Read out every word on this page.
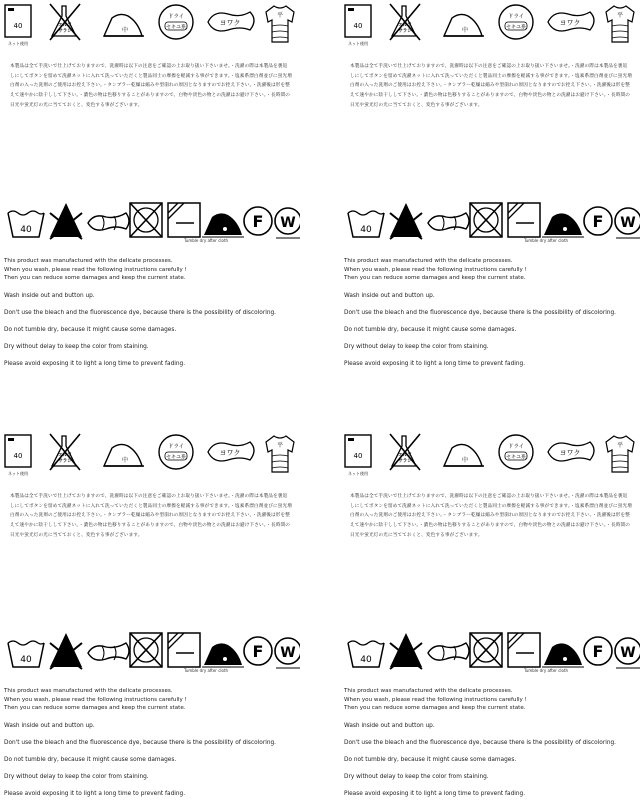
40
ネット使用
エルソ
サラシ	中
ドライ
セキユ系
ヨワク
平
本製品は全て手洗いで仕上げておりますので、洗濯時は以下の注意をご確認の上お取り扱い下さいませ。・洗濯の際は本製品を裏返しにしてボタンを留めて洗濯ネットに入れて洗っていただくと製品同士の摩擦を軽減する事ができます。・塩素系漂白剤並びに蛍光増白剤の入った洗剤のご使用はお控え下さい。・タンブラー乾燥は縮みや型崩れの原因となりますのでお控え下さい。・洗濯後は形を整えて速やかに陰干しして下さい。・濃色の物は色移りすることがありますので、白物や淡色の物との洗濯はお避け下さい。・長時間の日光や蛍光灯の光に当てておくと、変色する事がございます。
40	F W
Tumble dry after cloth
This product was manufactured with the delicate processes.
When you wash, please read the following instructions carefully !
Then you can reduce some damages and keep the current state.
Wash inside out and button up.
Don't use the bleach and the fluorescence dye, because there is the possibility of discoloring.
Do not tumble dry, because it might cause some damages.
Dry without delay to keep the color from staining.
Please avoid exposing it to light a long time to prevent fading.
40
ネット使用
エルソ
サラシ	中
ドライ
セキユ系
ヨワク
平
本製品は全て手洗いで仕上げておりますので、洗濯時は以下の注意をご確認の上お取り扱い下さいませ。・洗濯の際は本製品を裏返しにしてボタンを留めて洗濯ネットに入れて洗っていただくと製品同士の摩擦を軽減する事ができます。・塩素系漂白剤並びに蛍光増白剤の入った洗剤のご使用はお控え下さい。・タンブラー乾燥は縮みや型崩れの原因となりますのでお控え下さい。・洗濯後は形を整えて速やかに陰干しして下さい。・濃色の物は色移りすることがありますので、白物や淡色の物との洗濯はお避け下さい。・長時間の日光や蛍光灯の光に当てておくと、変色する事がございます。
40	F W
Tumble dry after cloth
This product was manufactured with the delicate processes.
When you wash, please read the following instructions carefully !
Then you can reduce some damages and keep the current state.
Wash inside out and button up.
Don't use the bleach and the fluorescence dye, because there is the possibility of discoloring.
Do not tumble dry, because it might cause some damages.
Dry without delay to keep the color from staining.
Please avoid exposing it to light a long time to prevent fading.
40
ネット使用
エルソ
サラシ	中
ドライ
セキユ系
ヨワク
平
本製品は全て手洗いで仕上げておりますので、洗濯時は以下の注意をご確認の上お取り扱い下さいませ。・洗濯の際は本製品を裏返しにしてボタンを留めて洗濯ネットに入れて洗っていただくと製品同士の摩擦を軽減する事ができます。・塩素系漂白剤並びに蛍光増白剤の入った洗剤のご使用はお控え下さい。・タンブラー乾燥は縮みや型崩れの原因となりますのでお控え下さい。・洗濯後は形を整えて速やかに陰干しして下さい。・濃色の物は色移りすることがありますので、白物や淡色の物との洗濯はお避け下さい。・長時間の日光や蛍光灯の光に当てておくと、変色する事がございます。
40	F W
Tumble dry after cloth
This product was manufactured with the delicate processes.
When you wash, please read the following instructions carefully !
Then you can reduce some damages and keep the current state.
Wash inside out and button up.
Don't use the bleach and the fluorescence dye, because there is the possibility of discoloring.
Do not tumble dry, because it might cause some damages.
Dry without delay to keep the color from staining.
Please avoid exposing it to light a long time to prevent fading.
40
ネット使用
エルソ
サラシ	中
ドライ
セキユ系
ヨワク
平
本製品は全て手洗いで仕上げておりますので、洗濯時は以下の注意をご確認の上お取り扱い下さいませ。・洗濯の際は本製品を裏返しにしてボタンを留めて洗濯ネットに入れて洗っていただくと製品同士の摩擦を軽減する事ができます。・塩素系漂白剤並びに蛍光増白剤の入った洗剤のご使用はお控え下さい。・タンブラー乾燥は縮みや型崩れの原因となりますのでお控え下さい。・洗濯後は形を整えて速やかに陰干しして下さい。・濃色の物は色移りすることがありますので、白物や淡色の物との洗濯はお避け下さい。・長時間の日光や蛍光灯の光に当てておくと、変色する事がございます。
40	F W
Tumble dry after cloth
This product was manufactured with the delicate processes.
When you wash, please read the following instructions carefully !
Then you can reduce some damages and keep the current state.
Wash inside out and button up.
Don't use the bleach and the fluorescence dye, because there is the possibility of discoloring.
Do not tumble dry, because it might cause some damages.
Dry without delay to keep the color from staining.
Please avoid exposing it to light a long time to prevent fading.
